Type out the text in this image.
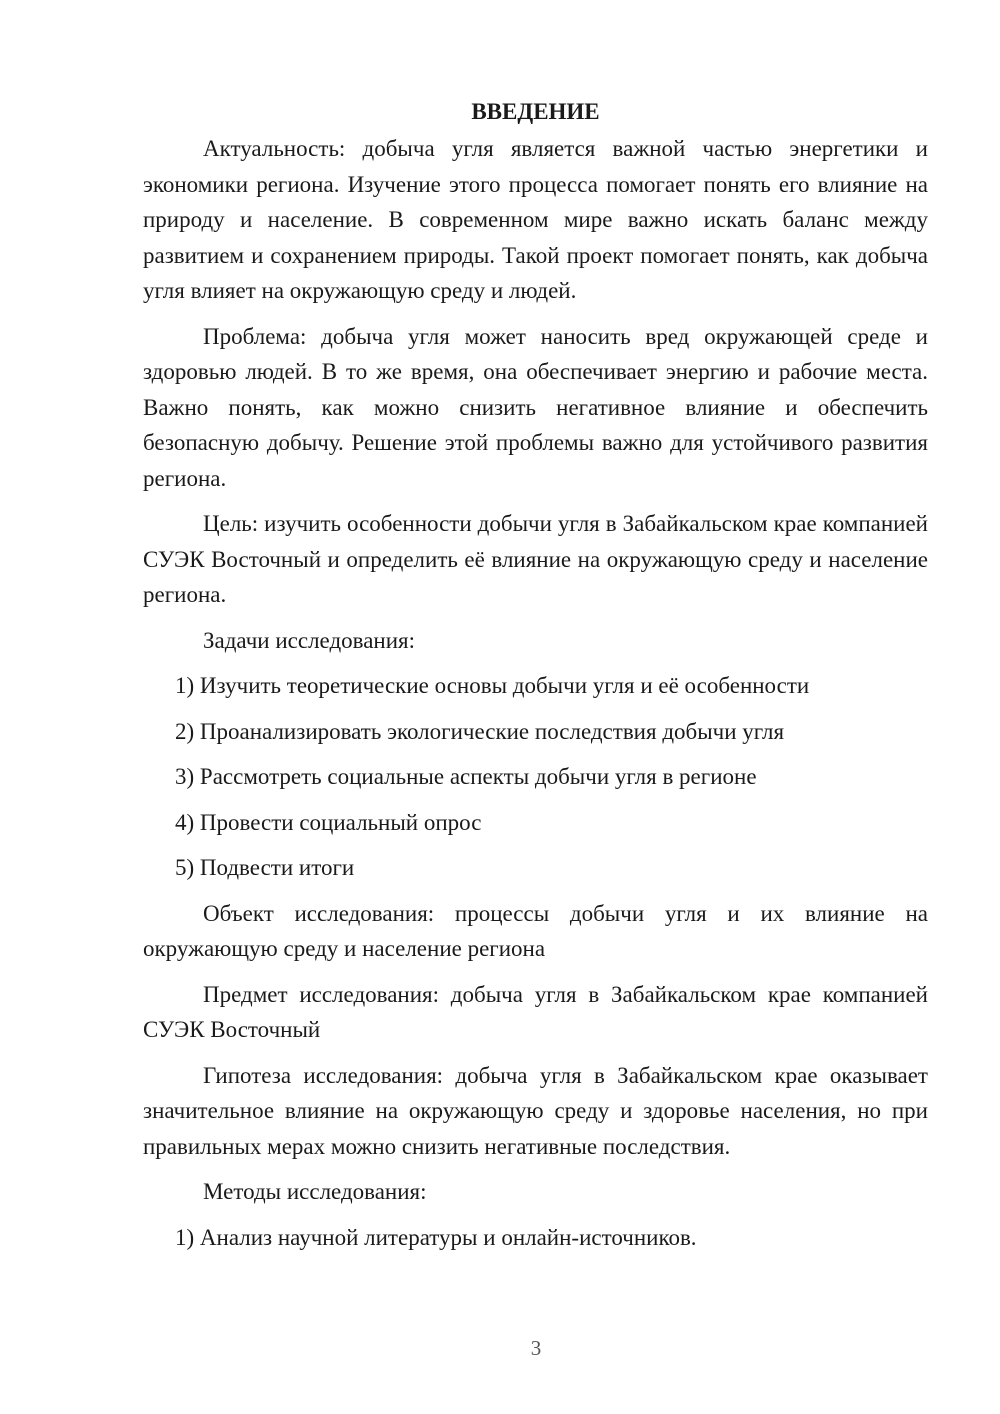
ВВЕДЕНИЕ

Актуальность: добыча угля является важной частью энергетики и экономики региона. Изучение этого процесса помогает понять его влияние на природу и население. В современном мире важно искать баланс между развитием и сохранением природы. Такой проект помогает понять, как добыча угля влияет на окружающую среду и людей.

Проблема: добыча угля может наносить вред окружающей среде и здоровью людей. В то же время, она обеспечивает энергию и рабочие места. Важно понять, как можно снизить негативное влияние и обеспечить безопасную добычу. Решение этой проблемы важно для устойчивого развития региона.

Цель: изучить особенности добычи угля в Забайкальском крае компанией СУЭК Восточный и определить её влияние на окружающую среду и население региона.

Задачи исследования:

1) Изучить теоретические основы добычи угля и её особенности
2) Проанализировать экологические последствия добычи угля
3) Рассмотреть социальные аспекты добычи угля в регионе
4) Провести социальный опрос
5) Подвести итоги

Объект исследования: процессы добычи угля и их влияние на окружающую среду и население региона

Предмет исследования: добыча угля в Забайкальском крае компанией СУЭК Восточный

Гипотеза исследования: добыча угля в Забайкальском крае оказывает значительное влияние на окружающую среду и здоровье населения, но при правильных мерах можно снизить негативные последствия.

Методы исследования:

1) Анализ научной литературы и онлайн-источников.
3
